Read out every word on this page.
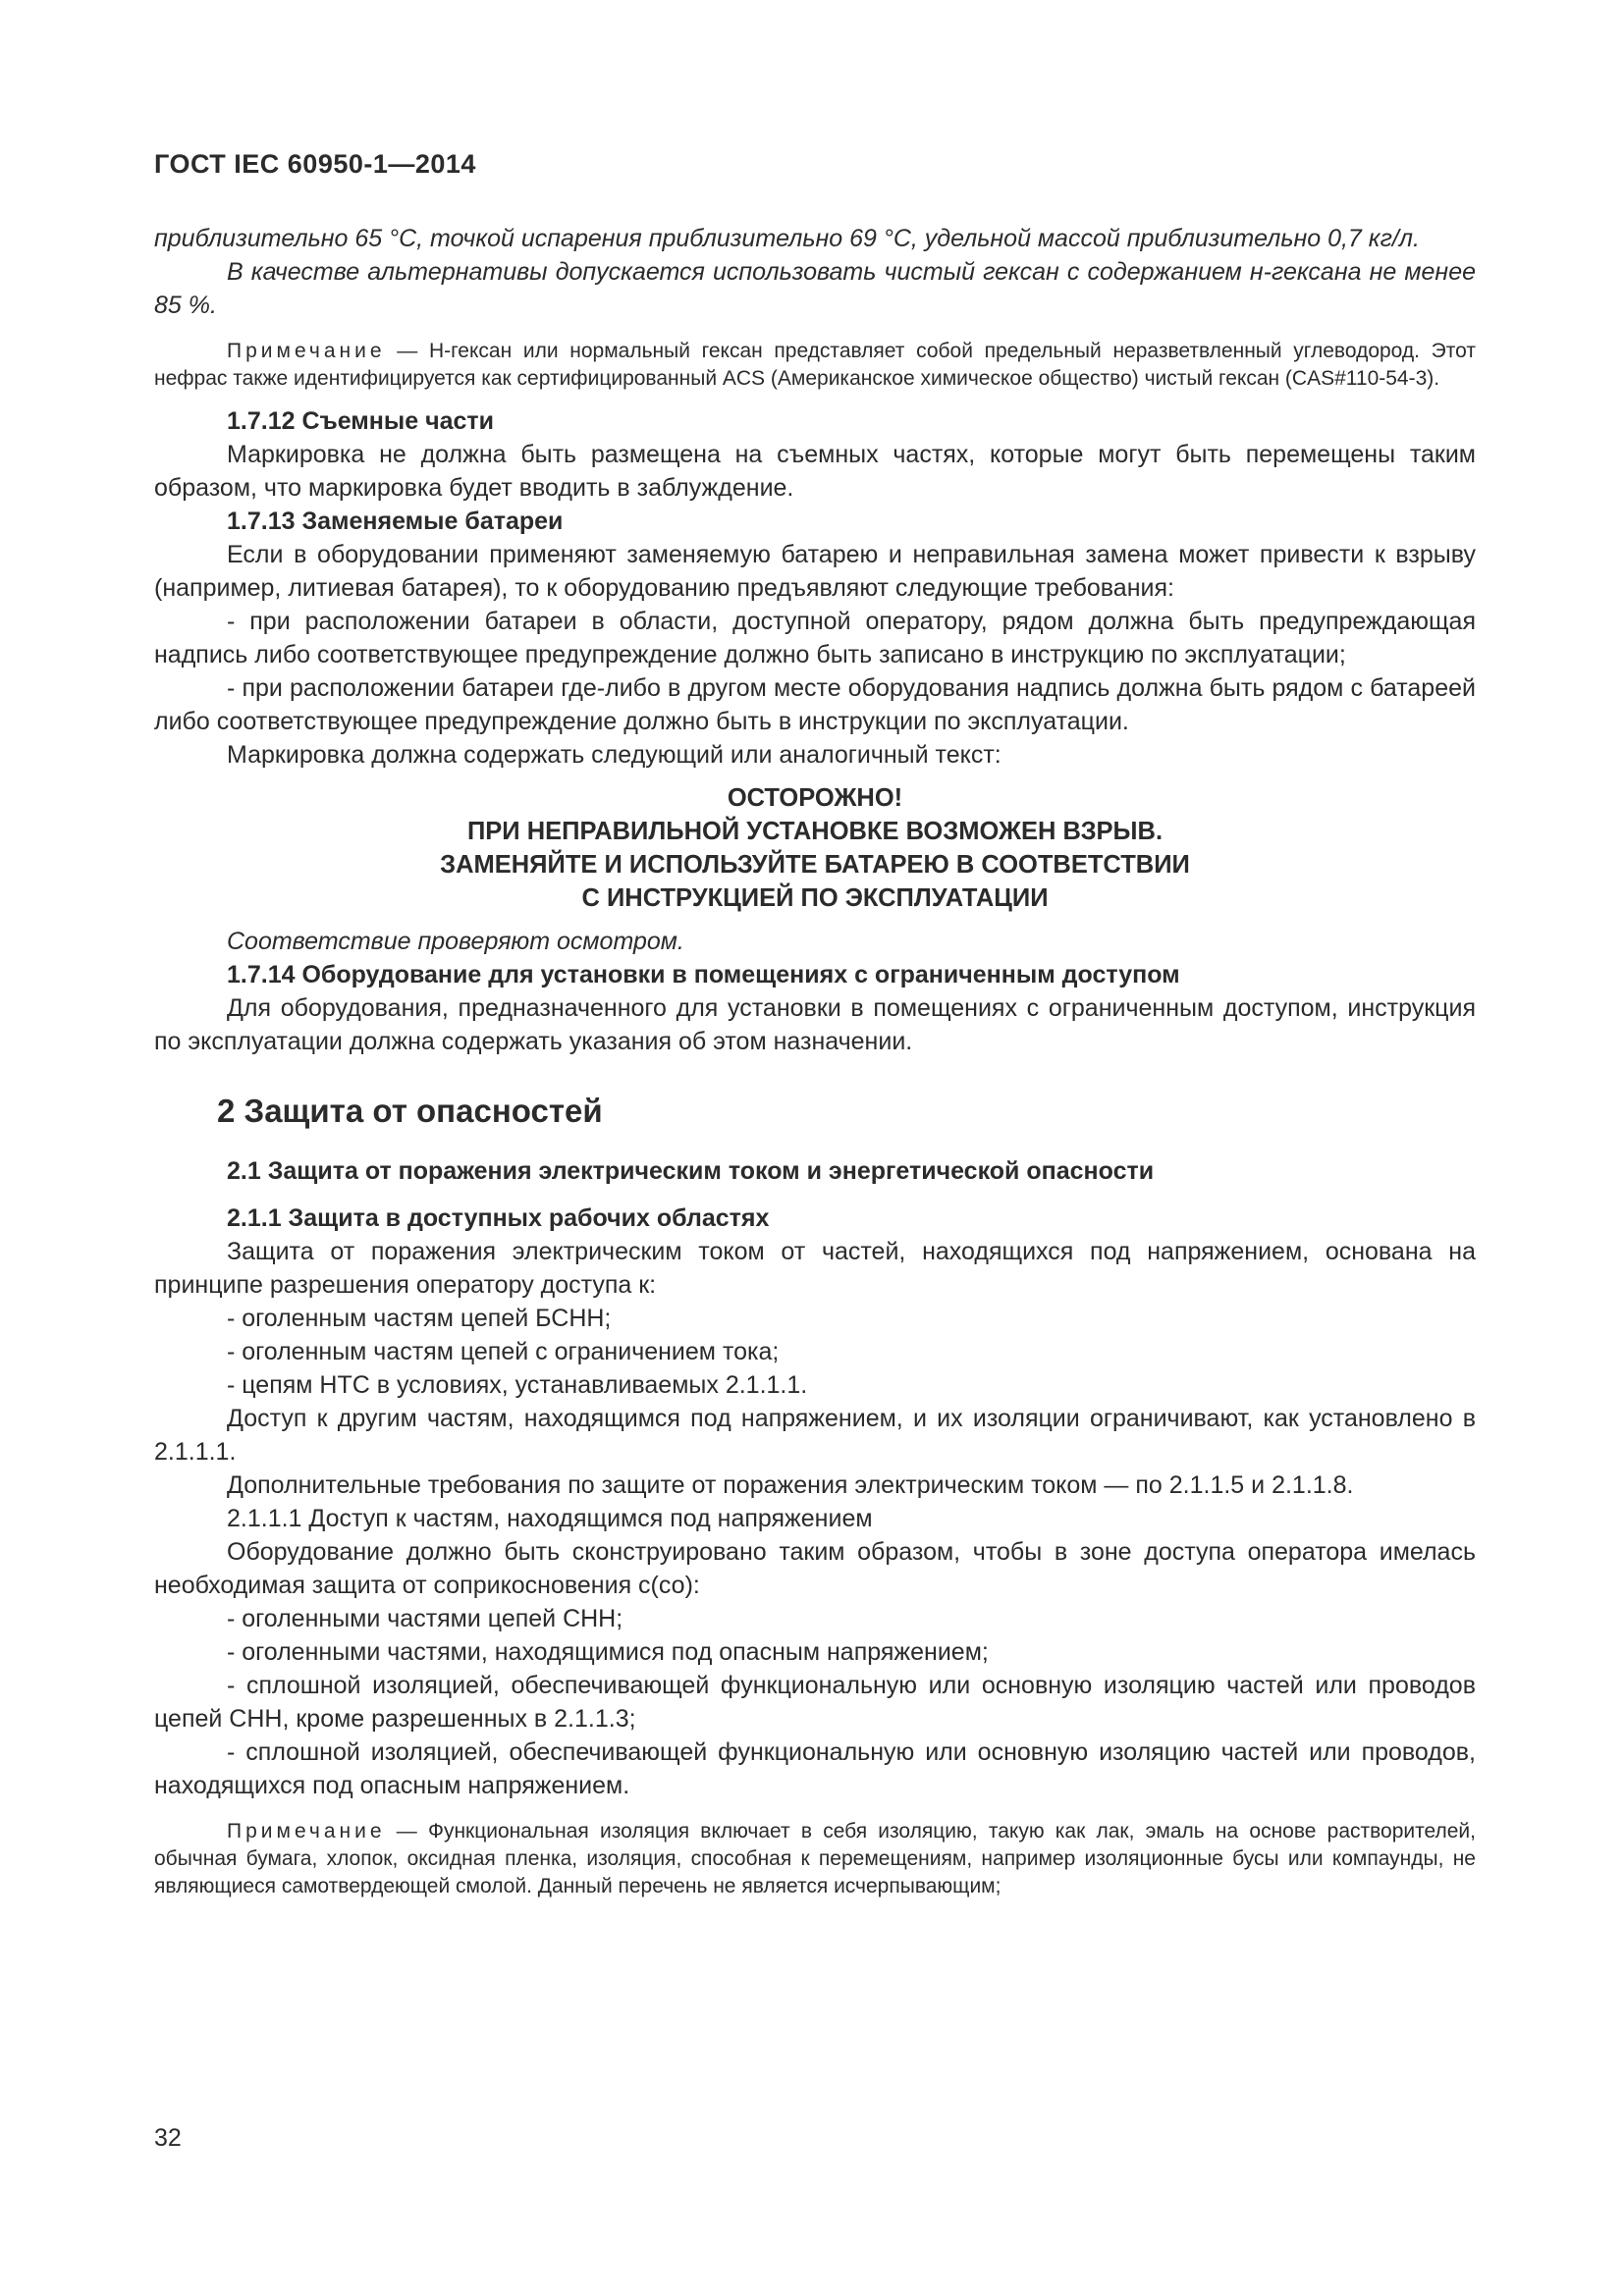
ГОСТ IEC 60950-1—2014

приблизительно 65 °С, точкой испарения приблизительно 69 °С, удельной массой приблизительно 0,7 кг/л.

В качестве альтернативы допускается использовать чистый гексан с содержанием н-гексана не менее 85 %.

Примечание — Н-гексан или нормальный гексан представляет собой предельный неразветвленный углеводород. Этот нефрас также идентифицируется как сертифицированный ACS (Американское химическое общество) чистый гексан (CAS#110-54-3).

1.7.12 Съемные части

Маркировка не должна быть размещена на съемных частях, которые могут быть перемещены таким образом, что маркировка будет вводить в заблуждение.

1.7.13 Заменяемые батареи

Если в оборудовании применяют заменяемую батарею и неправильная замена может привести к взрыву (например, литиевая батарея), то к оборудованию предъявляют следующие требования:

- при расположении батареи в области, доступной оператору, рядом должна быть предупреждающая надпись либо соответствующее предупреждение должно быть записано в инструкцию по эксплуатации;

- при расположении батареи где-либо в другом месте оборудования надпись должна быть рядом с батареей либо соответствующее предупреждение должно быть в инструкции по эксплуатации.

Маркировка должна содержать следующий или аналогичный текст:

ОСТОРОЖНО!
ПРИ НЕПРАВИЛЬНОЙ УСТАНОВКЕ ВОЗМОЖЕН ВЗРЫВ.
ЗАМЕНЯЙТЕ И ИСПОЛЬЗУЙТЕ БАТАРЕЮ В СООТВЕТСТВИИ
С ИНСТРУКЦИЕЙ ПО ЭКСПЛУАТАЦИИ

Соответствие проверяют осмотром.

1.7.14 Оборудование для установки в помещениях с ограниченным доступом

Для оборудования, предназначенного для установки в помещениях с ограниченным доступом, инструкция по эксплуатации должна содержать указания об этом назначении.

2 Защита от опасностей

2.1 Защита от поражения электрическим током и энергетической опасности

2.1.1 Защита в доступных рабочих областях

Защита от поражения электрическим током от частей, находящихся под напряжением, основана на принципе разрешения оператору доступа к:

- оголенным частям цепей БСНН;

- оголенным частям цепей с ограничением тока;

- цепям НТС в условиях, устанавливаемых 2.1.1.1.

Доступ к другим частям, находящимся под напряжением, и их изоляции ограничивают, как установлено в 2.1.1.1.

Дополнительные требования по защите от поражения электрическим током — по 2.1.1.5 и 2.1.1.8.

2.1.1.1 Доступ к частям, находящимся под напряжением

Оборудование должно быть сконструировано таким образом, чтобы в зоне доступа оператора имелась необходимая защита от соприкосновения с(со):

- оголенными частями цепей СНН;

- оголенными частями, находящимися под опасным напряжением;

- сплошной изоляцией, обеспечивающей функциональную или основную изоляцию частей или проводов цепей СНН, кроме разрешенных в 2.1.1.3;

- сплошной изоляцией, обеспечивающей функциональную или основную изоляцию частей или проводов, находящихся под опасным напряжением.

Примечание — Функциональная изоляция включает в себя изоляцию, такую как лак, эмаль на основе растворителей, обычная бумага, хлопок, оксидная пленка, изоляция, способная к перемещениям, например изоляционные бусы или компаунды, не являющиеся самотвердеющей смолой. Данный перечень не является исчерпывающим;

32
